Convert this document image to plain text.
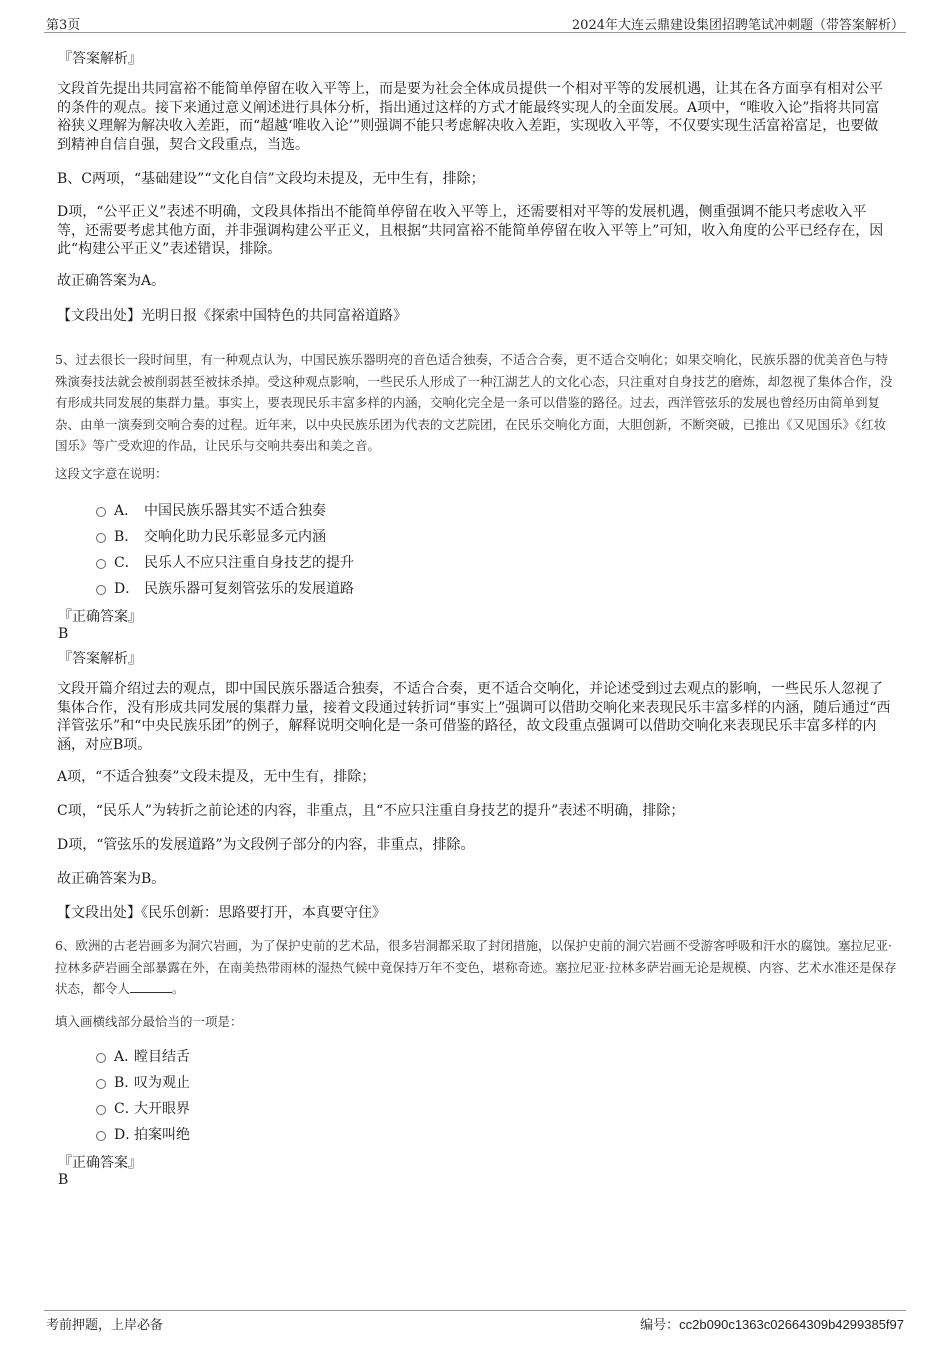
第3页	2024年大连云鼎建设集团招聘笔试冲刺题（带答案解析）
『答案解析』
文段首先提出共同富裕不能简单停留在收入平等上，而是要为社会全体成员提供一个相对平等的发展机遇，让其在各方面享有相对公平的条件的观点。接下来通过意义阐述进行具体分析，指出通过这样的方式才能最终实现人的全面发展。A项中，“唯收入论”指将共同富裕狭义理解为解决收入差距，而“超越‘唯收入论’”则强调不能只考虑解决收入差距，实现收入平等，不仅要实现生活富裕富足，也要做到精神自信自强，契合文段重点，当选。
B、C两项，“基础建设”“文化自信”文段均未提及，无中生有，排除；
D项，“公平正义”表述不明确，文段具体指出不能简单停留在收入平等上，还需要相对平等的发展机遇，侧重强调不能只考虑收入平等，还需要考虑其他方面，并非强调构建公平正义，且根据“共同富裕不能简单停留在收入平等上”可知，收入角度的公平已经存在，因此“构建公平正义”表述错误，排除。
故正确答案为A。
【文段出处】光明日报《探索中国特色的共同富裕道路》
5、过去很长一段时间里，有一种观点认为，中国民族乐器明亮的音色适合独奏，不适合合奏，更不适合交响化；如果交响化，民族乐器的优美音色与特殊演奏技法就会被削弱甚至被抹杀掉。受这种观点影响，一些民乐人形成了一种江湖艺人的文化心态，只注重对自身技艺的磨炼，却忽视了集体合作，没有形成共同发展的集群力量。事实上，要表现民乐丰富多样的内涵，交响化完全是一条可以借鉴的路径。过去，西洋管弦乐的发展也曾经历由简单到复杂、由单一演奏到交响合奏的过程。近年来，以中央民族乐团为代表的文艺院团，在民乐交响化方面，大胆创新，不断突破，已推出《又见国乐》《红妆国乐》等广受欢迎的作品，让民乐与交响共奏出和美之音。
这段文字意在说明：
A． 中国民族乐器其实不适合独奏
B． 交响化助力民乐彰显多元内涵
C． 民乐人不应只注重自身技艺的提升
D． 民族乐器可复刻管弦乐的发展道路
『正确答案』
B
『答案解析』
文段开篇介绍过去的观点，即中国民族乐器适合独奏，不适合合奏，更不适合交响化，并论述受到过去观点的影响，一些民乐人忽视了集体合作，没有形成共同发展的集群力量，接着文段通过转折词“事实上”强调可以借助交响化来表现民乐丰富多样的内涵，随后通过“西洋管弦乐”和“中央民族乐团”的例子，解释说明交响化是一条可借鉴的路径，故文段重点强调可以借助交响化来表现民乐丰富多样的内涵，对应B项。
A项，“不适合独奏”文段未提及，无中生有，排除；
C项，“民乐人”为转折之前论述的内容，非重点，且“不应只注重自身技艺的提升”表述不明确，排除；
D项，“管弦乐的发展道路”为文段例子部分的内容，非重点，排除。
故正确答案为B。
【文段出处】《民乐创新：思路要打开，本真要守住》
6、欧洲的古老岩画多为洞穴岩画，为了保护史前的艺术品，很多岩洞都采取了封闭措施，以保护史前的洞穴岩画不受游客呼吸和汗水的腐蚀。塞拉尼亚·拉林多萨岩画全部暴露在外，在南美热带雨林的湿热气候中竟保持万年不变色，堪称奇迹。塞拉尼亚·拉林多萨岩画无论是规模、内容、艺术水准还是保存状态，都令人	。
填入画横线部分最恰当的一项是：
A．
瞠目结舌
B．
叹为观止
C．
大开眼界
D．
拍案叫绝
『正确答案』
B
考前押题，上岸必备	编号：cc2b090c1363c02664309b4299385f97
